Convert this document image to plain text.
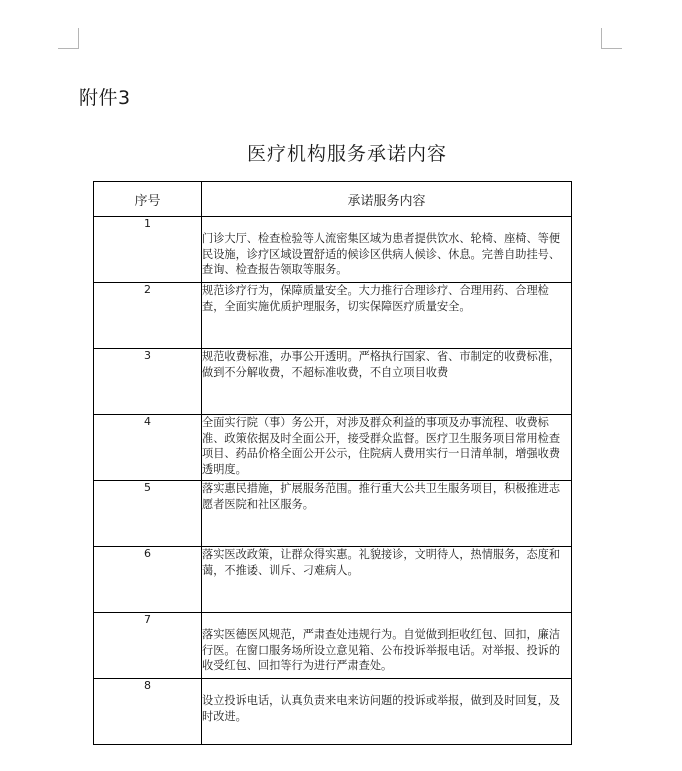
附件3
医疗机构服务承诺内容
序号	承诺服务内容
1	门诊大厅、检查检验等人流密集区域为患者提供饮水、轮椅、座椅、等便民设施，诊疗区域设置舒适的候诊区供病人候诊、休息。完善自助挂号、查询、检查报告领取等服务。
2	规范诊疗行为，保障质量安全。大力推行合理诊疗、合理用药、合理检查，全面实施优质护理服务，切实保障医疗质量安全。
3	规范收费标准，办事公开透明。严格执行国家、省、市制定的收费标准，做到不分解收费，不超标准收费，不自立项目收费
4	全面实行院（事）务公开，对涉及群众利益的事项及办事流程、收费标准、政策依据及时全面公开，接受群众监督。医疗卫生服务项目常用检查项目、药品价格全面公开公示，住院病人费用实行一日清单制，增强收费透明度。
5	落实惠民措施，扩展服务范围。推行重大公共卫生服务项目，积极推进志愿者医院和社区服务。
6	落实医改政策，让群众得实惠。礼貌接诊，文明待人，热情服务，态度和蔼，不推诿、训斥、刁难病人。
7	落实医德医风规范，严肃查处违规行为。自觉做到拒收红包、回扣，廉洁行医。在窗口服务场所设立意见箱、公布投诉举报电话。对举报、投诉的收受红包、回扣等行为进行严肃查处。
8	设立投诉电话，认真负责来电来访问题的投诉或举报，做到及时回复，及时改进。
